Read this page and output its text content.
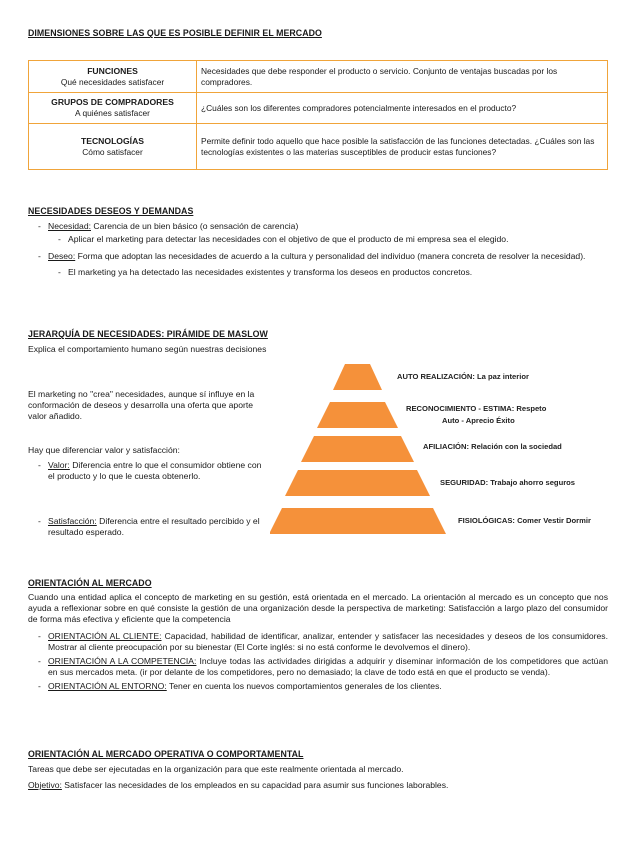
DIMENSIONES SOBRE LAS QUE ES POSIBLE DEFINIR EL MERCADO
FUNCIONES
Qué necesidades satisfacer	Necesidades que debe responder el producto o servicio. Conjunto de ventajas buscadas por los compradores.

GRUPOS DE COMPRADORES
A quiénes satisfacer	¿Cuáles son los diferentes compradores potencialmente interesados en el producto?

TECNOLOGÍAS
Cómo satisfacer	Permite definir todo aquello que hace posible la satisfacción de las funciones detectadas. ¿Cuáles son las tecnologías existentes o las materias susceptibles de producir estas funciones?
NECESIDADES DESEOS Y DEMANDAS
- Necesidad: Carencia de un bien básico (o sensación de carencia)
- Aplicar el marketing para detectar las necesidades con el objetivo de que el producto de mi empresa sea el elegido.
- Deseo: Forma que adoptan las necesidades de acuerdo a la cultura y personalidad del individuo (manera concreta de resolver la necesidad).
- El marketing ya ha detectado las necesidades existentes y transforma los deseos en productos concretos.
JERARQUÍA DE NECESIDADES: PIRÁMIDE DE MASLOW
Explica el comportamiento humano según nuestras decisiones
El marketing no "crea" necesidades, aunque sí influye en la conformación de deseos y desarrolla una oferta que aporte valor añadido.
Hay que diferenciar valor y satisfacción:
- Valor: Diferencia entre lo que el consumidor obtiene con el producto y lo que le cuesta obtenerlo.
- Satisfacción: Diferencia entre el resultado percibido y el resultado esperado.
AUTO REALIZACIÓN: La paz interior
RECONOCIMIENTO - ESTIMA: Respeto
Auto - Aprecio Éxito
AFILIACIÓN: Relación con la sociedad
SEGURIDAD: Trabajo ahorro seguros
FISIOLÓGICAS: Comer Vestir Dormir
ORIENTACIÓN AL MERCADO
Cuando una entidad aplica el concepto de marketing en su gestión, está orientada en el mercado. La orientación al mercado es un concepto que nos ayuda a reflexionar sobre en qué consiste la gestión de una organización desde la perspectiva de marketing: Satisfacción a largo plazo del consumidor de forma más efectiva y eficiente que la competencia
- ORIENTACIÓN AL CLIENTE: Capacidad, habilidad de identificar, analizar, entender y satisfacer las necesidades y deseos de los consumidores. Mostrar al cliente preocupación por su bienestar (El Corte inglés: si no está conforme le devolvemos el dinero).
- ORIENTACIÓN A LA COMPETENCIA: Incluye todas las actividades dirigidas a adquirir y diseminar información de los competidores que actúan en sus mercados meta. (ir por delante de los competidores, pero no demasiado; la clave de todo está en que el producto se venda).
- ORIENTACIÓN AL ENTORNO: Tener en cuenta los nuevos comportamientos generales de los clientes.
ORIENTACIÓN AL MERCADO OPERATIVA O COMPORTAMENTAL
Tareas que debe ser ejecutadas en la organización para que este realmente orientada al mercado.
Objetivo: Satisfacer las necesidades de los empleados en su capacidad para asumir sus funciones laborables.
